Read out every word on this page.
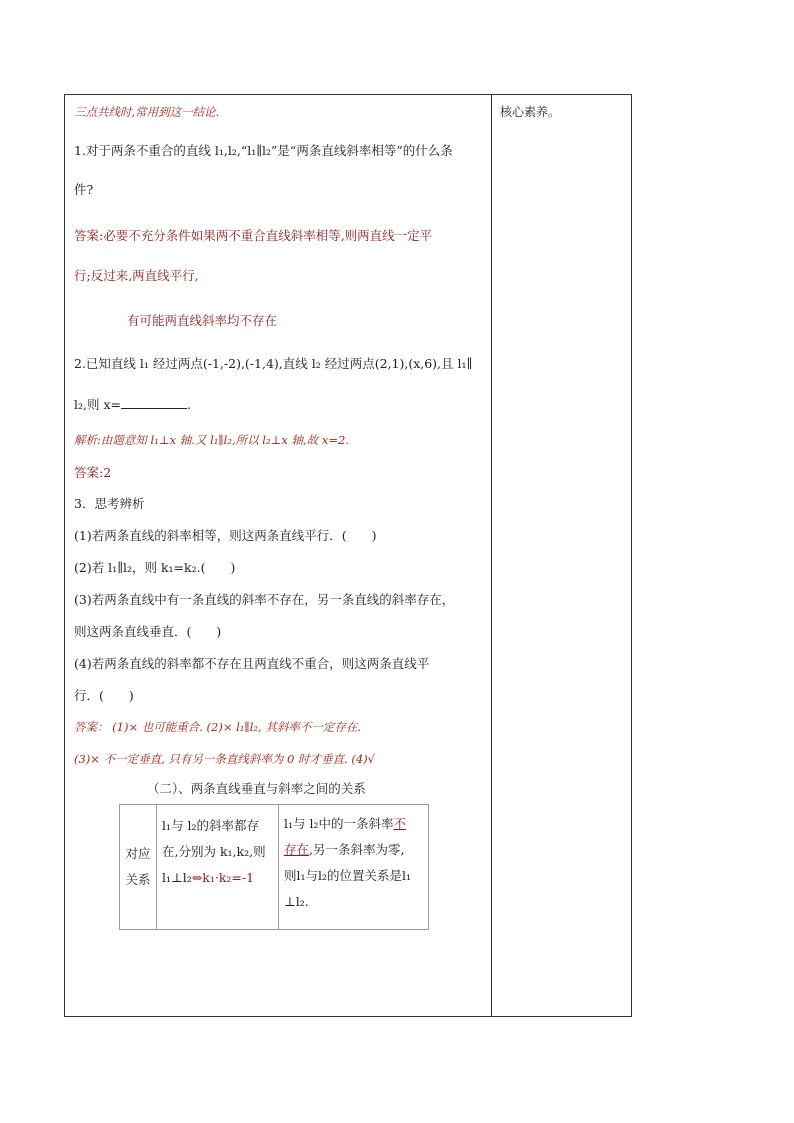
核心素养。
三点共线时,常用到这一结论.
1.对于两条不重合的直线 l₁,l₂,“l₁∥l₂”是“两条直线斜率相等”的什么条
件?
答案:必要不充分条件如果两不重合直线斜率相等,则两直线一定平
行;反过来,两直线平行,
有可能两直线斜率均不存在
2.已知直线 l₁ 经过两点(-1,-2),(-1,4),直线 l₂ 经过两点(2,1),(x,6),且 l₁∥
l₂,则 x=	.
解析:由题意知 l₁⊥x 轴.又 l₁∥l₂,所以 l₂⊥x 轴,故 x=2.
答案:2
3．思考辨析
(1)若两条直线的斜率相等，则这两条直线平行．(　　)
(2)若 l₁∥l₂，则 k₁=k₂.(　　)
(3)若两条直线中有一条直线的斜率不存在，另一条直线的斜率存在，
则这两条直线垂直．(　　)
(4)若两条直线的斜率都不存在且两直线不重合，则这两条直线平
行．(　　)
答案： (1)× 也可能重合. (2)× l₁∥l₂, 其斜率不一定存在.
(3)× 不一定垂直, 只有另一条直线斜率为 0 时才垂直. (4)√
（二）、两条直线垂直与斜率之间的关系
对应
关系

l₁与 l₂的斜率都存
在,分别为 k₁,k₂,则
l₁⊥l₂⇔k₁·k₂=-1

l₁与 l₂中的一条斜率不
存在,另一条斜率为零,
则l₁与l₂的位置关系是l₁
⊥l₂.
